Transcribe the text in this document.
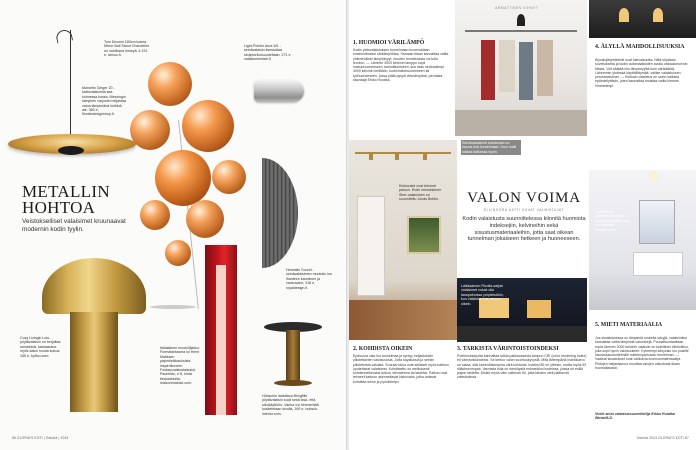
METALLIN
HOHTOA
Veistokselliset valaisimet kruunaavat modernin kodin tyylin.
Tom Dixonin 180cm kokea Mirror Ball Stand Chandelier on valoillana ihmeyä, 4 231 e, lamuo.fi.
Marsetin Ginger 20 -kattovalaisimia saa kolmessa kossa. Messingin sävyinen varjostin heijastaa valoa lämpimänä heikinä, alk. 380 e, finnishdesignshop.fi.
Light-Pointin Aura W1 -seinävalaisin itsestuttaa skulptorikoisuudeltaan, 271 e, valaisinmestari.fi.
Herstalin Sound -seinävalaisimen muotoilu luo ihanteen kauniinen ja varisuvalot, 318 e, royaldesign.fi.
Cozy Livingin Lulu-pöytävalaisin on herjaltaa messinkiä, kastaavana myös kaksi muuta kokoa. 155 e, byflou.com.
Italialainen muotoilijaduo Formafantasma loi Henri Matissen paperileikkauksista inspiroituneen Foldaryvaisinaiaisuksi. Pauletsto, e·8, hinta tiedusteluilla, malsonmatose.com.
Hübschin ladattava Bringfille pöytävalaisin sopii sekä sisä- että ulkokäyttöön. Vanha voi himmentää kosketetaan sivulla, 169 e, hubsch-interior.com.
86 GLORIA'S KOTI | Ostoita | 2024
1. HUOMIOI VÄRILÄMPÖ
Kodin yleisvalaistuksen tunnelmaan huomioidaan ensimmäiseksi värilämpötilaa. Samaan tilaan kannattaa valita yhtenevälset lämpöäsyyt, muuten tunnelmasta voi tulla levoton. — Lämmin 3000 kelvinin lamppu sopii makuuhuoneeseen rauhoittumiseen, kun taas neutraalimpi 4000 kelvinin keittiöön, kodinhoitohuoneeseen tai työhuoneeseen, jossa pitää pysyä virkeämpänä, perustaa sisustaja Erkko Huraika.
ARMATTISEN VIHNYT
Seinävalaisimet kohdevalo on kaunis lisä tunnelmaan. Uusi malli loistaa kaikessa hyvin.
4. ÄLYLLÄ MAHDOLLISUUKSIA
Älyvalojärjestelmät ovat tulevaisuutta. Niitä ohjataan sovelluksella ja kodin automaatioiden avulla valosaturoinnin tilasta. Voit säätää niin lämpimyyttä kuin värisäätöä. Lähemmin yhdessä käyttöliittymää, valitse valaistuksen perusasetukset. — Kirkkain valaistus on usein kaikista epämiellyttävin, joten kannattaa muistaa valita hieman himmeämpi.
Kiskovalot ovat tehneet paluun. Erdin messinkinen Sber-valaisimen on suunniteltu Jonas Bohlin.	VALON VOIMA
ELLINOORA KATTI KUVAT VALMISTAJAT
Kodin valaistusta suunnittelessa kiinnitä huomiota indeksejiin, kelvineihin sekä sisustusmateriaaleihin, jotta saat oikean tunnelman jokaiseen hetkeen ja huoneeseen.
Upotettavat vaiveilokohteisella hyödynnettäväksi saa tuikopistetta sisustukseen.
Laikkaamon Rivolla-sarjan valaisimet voivat olla tasapainossa ympäristöön, kun valaistus toteutetaan oikein.
2. KOHDISTA OIKEIN
Epäsuora valo luo tunnelmaa ja syntyy heijastuksiin piilotettavien valoisuuksia. Jotta kayatuksia ja seiniin piilotetuista valoista. Suoraa valoa ovat sellaiset myös kattoon upotettavat valaisimet. Kohdistettu on melkoisesti kohdennettavaksi tuikoa, tehosteena tai taidetta. Paikun ovat tehneet kattoon asennettavat kiskovalot, jotka antavat kohdetta sinne ja pyörähtelyn.
3. TARKISTA VÄRINTOISTOINDEKSI
Pohtimoksepolta kannattaa tutkia pakkauksesta lampun CRI (color rendering index) eli värintoistoindeksi. Se kertoo valon suorituskyvystä. Mitä lähempänä indeksiarvo on sataa, sitä luonnollisempina värit toistuvat. Indeksi 80 on yleinen, mutta myös 90 rilläkhsenmpaa. Varmista tulla on merkitystä esimerkiksi kodeissa, joissa on esillä paljon taidetta. Etsikö myös väin valinnan 90, jotta taloten värit pääsevät oikeuksiinsa.
5. MIETI MATERIAALIA
Jos sisustuksessa on lämpimiä ruskeita sävyjä, valaisimiksi kannattaa valita lämpimiä valovärejä. Puunakkontaaltaan myös lämmin 2000 kelvinin valaisiin on todellinen tähtivalisu, joka sopii hyvin valoisuuteen. Kylmempi sävyvalo luo puisille sisustussuunnitelmille mieleenpainuvan tunnelman. — Vaaleat sisustukset ovat valikoivia luonnonmateriaaleja. Pintojen heijastavuus muuttaa valojen vaikutusta tilaan huomattavasti.
Vinkit antoi valaistussuunnittelija Erkko Huraika Wintal/ILD.
Ostoita 2024 GLORIA'S KOTI 87
